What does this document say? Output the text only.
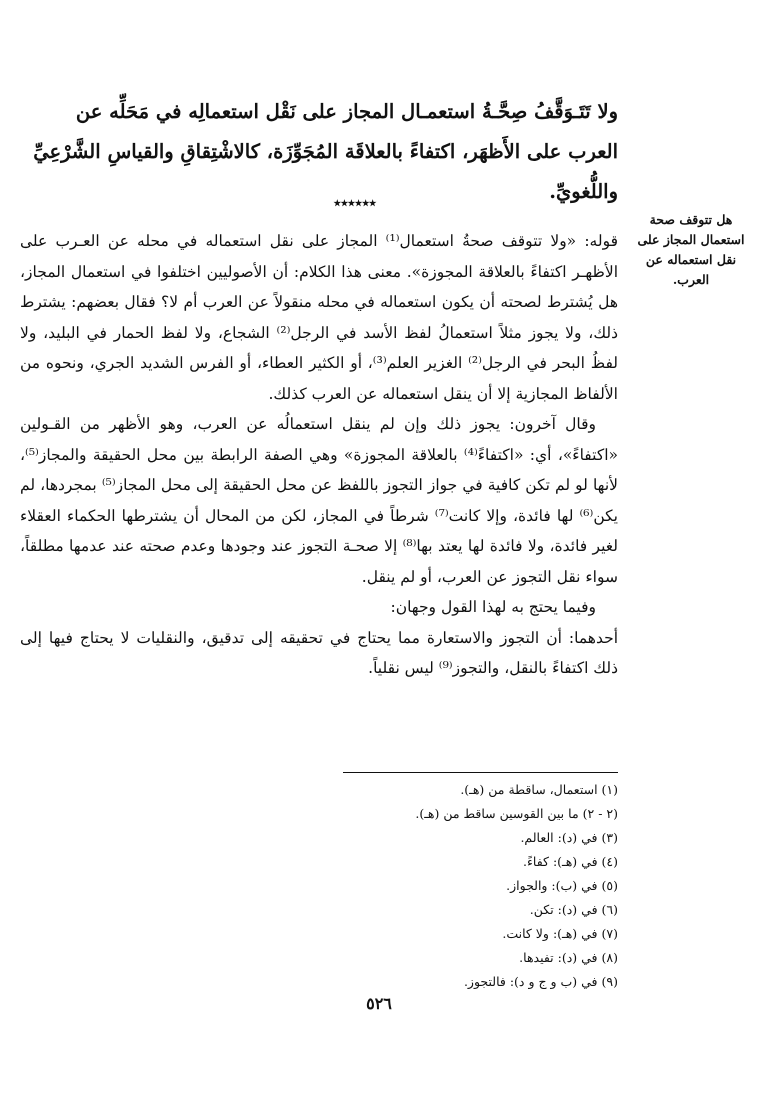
ولا تَتَـوَقَّفُ صِحَّـةُ استعمـال المجاز على نَقْل استعمالِه في مَحَلِّه عن
العرب على الأَظهَر، اكتفاءً بالعلاقَة المُجَوِّزَة، كالاشْتِقاقِ والقياسِ الشَّرْعِيِّ
واللُّغويِّ.
٭٭٭٭٭٭
هل تتوقف صحة استعمال المجاز على نقل استعماله عن العرب.

قوله: «ولا تتوقف صحةُ استعمال⁽¹⁾ المجاز على نقل استعماله في محله عن العـرب على الأظهـر اكتفاءً بالعلاقة المجوزة». معنى هذا الكلام: أن الأصوليين اختلفوا في استعمال المجاز، هل يُشترط لصحته أن يكون استعماله في محله منقولاً عن العرب أم لا؟ فقال بعضهم: يشترط ذلك، ولا يجوز مثلاً استعمالُ لفظ الأسد في الرجل⁽²⁾ الشجاع، ولا لفظ الحمار في البليد، ولا لفظُ البحر في الرجل⁽²⁾ الغزير العلم⁽³⁾، أو الكثير العطاء، أو الفرس الشديد الجري، ونحوه من الألفاظ المجازية إلا أن ينقل استعماله عن العرب كذلك.

وقال آخرون: يجوز ذلك وإن لم ينقل استعمالُه عن العرب، وهو الأظهر من القـولين «اكتفاءً»، أي: «اكتفاءً⁽⁴⁾ بالعلاقة المجوزة» وهي الصفة الرابطة بين محل الحقيقة والمجاز⁽⁵⁾، لأنها لو لم تكن كافية في جواز التجوز باللفظ عن محل الحقيقة إلى محل المجاز⁽⁵⁾ بمجردها، لم يكن⁽⁶⁾ لها فائدة، وإلا كانت⁽⁷⁾ شرطاً في المجاز، لكن من المحال أن يشترطها الحكماء العقلاء لغير فائدة، ولا فائدة لها يعتد بها⁽⁸⁾ إلا صحـة التجوز عند وجودها وعدم صحته عند عدمها مطلقاً، سواء نقل التجوز عن العرب، أو لم ينقل.

وفيما يحتج به لهذا القول وجهان:

أحدهما: أن التجوز والاستعارة مما يحتاج في تحقيقه إلى تدقيق، والنقليات لا يحتاج فيها إلى ذلك اكتفاءً بالنقل، والتجوز⁽⁹⁾ ليس نقلياً.

(١) استعمال، ساقطة من (هـ).
(٢ - ٢) ما بين القوسين ساقط من (هـ).
(٣) في (د): العالم.
(٤) في (هـ): كفاءً.
(٥) في (ب): والجواز.
(٦) في (د): تكن.
(٧) في (هـ): ولا كانت.
(٨) في (د): تفيدها.
(٩) في (ب و ج و د): فالتجوز.
٥٢٦
